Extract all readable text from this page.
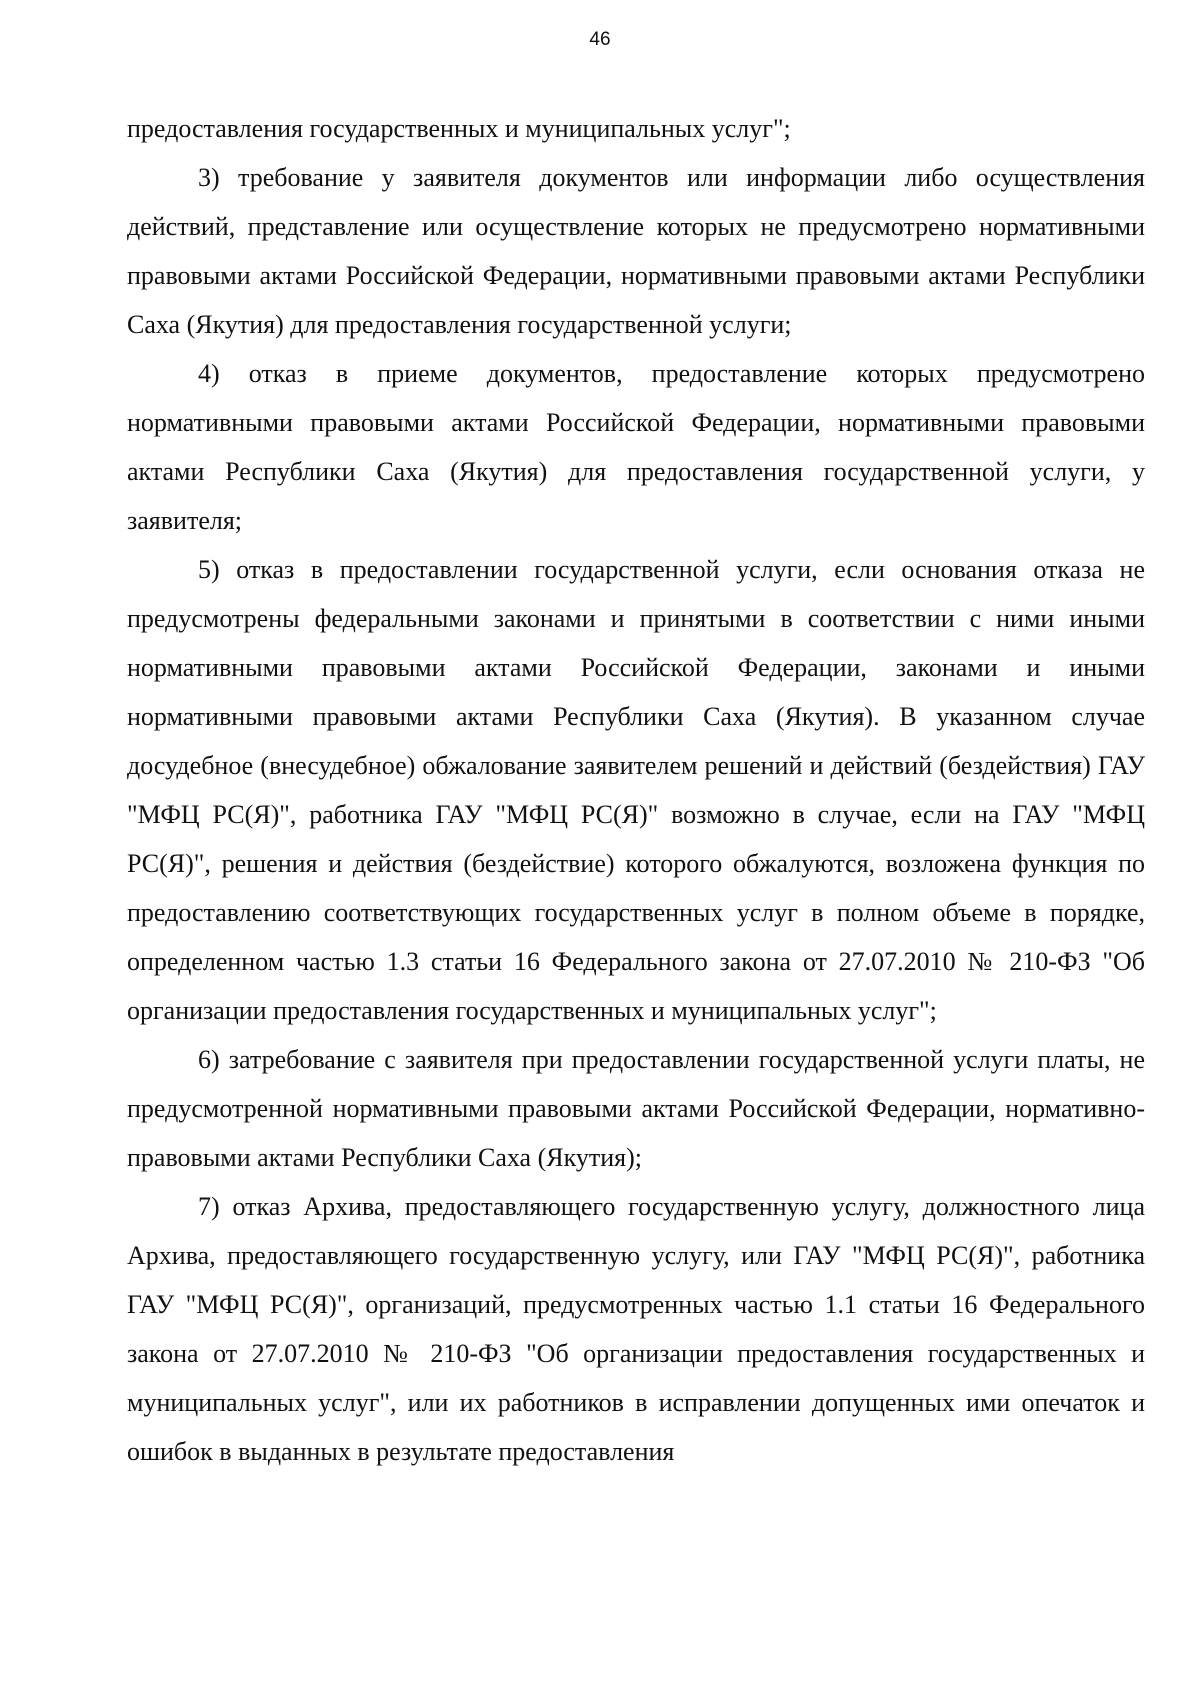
46

предоставления государственных и муниципальных услуг";

3) требование у заявителя документов или информации либо осуществления действий, представление или осуществление которых не предусмотрено нормативными правовыми актами Российской Федерации, нормативными правовыми актами Республики Саха (Якутия) для предоставления государственной услуги;

4) отказ в приеме документов, предоставление которых предусмотрено нормативными правовыми актами Российской Федерации, нормативными правовыми актами Республики Саха (Якутия) для предоставления государственной услуги, у заявителя;

5) отказ в предоставлении государственной услуги, если основания отказа не предусмотрены федеральными законами и принятыми в соответствии с ними иными нормативными правовыми актами Российской Федерации, законами и иными нормативными правовыми актами Республики Саха (Якутия). В указанном случае досудебное (внесудебное) обжалование заявителем решений и действий (бездействия) ГАУ "МФЦ РС(Я)", работника ГАУ "МФЦ РС(Я)" возможно в случае, если на ГАУ "МФЦ РС(Я)", решения и действия (бездействие) которого обжалуются, возложена функция по предоставлению соответствующих государственных услуг в полном объеме в порядке, определенном частью 1.3 статьи 16 Федерального закона от 27.07.2010 № 210-ФЗ "Об организации предоставления государственных и муниципальных услуг";

6) затребование с заявителя при предоставлении государственной услуги платы, не предусмотренной нормативными правовыми актами Российской Федерации, нормативно-правовыми актами Республики Саха (Якутия);

7) отказ Архива, предоставляющего государственную услугу, должностного лица Архива, предоставляющего государственную услугу, или ГАУ "МФЦ РС(Я)", работника ГАУ "МФЦ РС(Я)", организаций, предусмотренных частью 1.1 статьи 16 Федерального закона от 27.07.2010 № 210-ФЗ "Об организации предоставления государственных и муниципальных услуг", или их работников в исправлении допущенных ими опечаток и ошибок в выданных в результате предоставления
